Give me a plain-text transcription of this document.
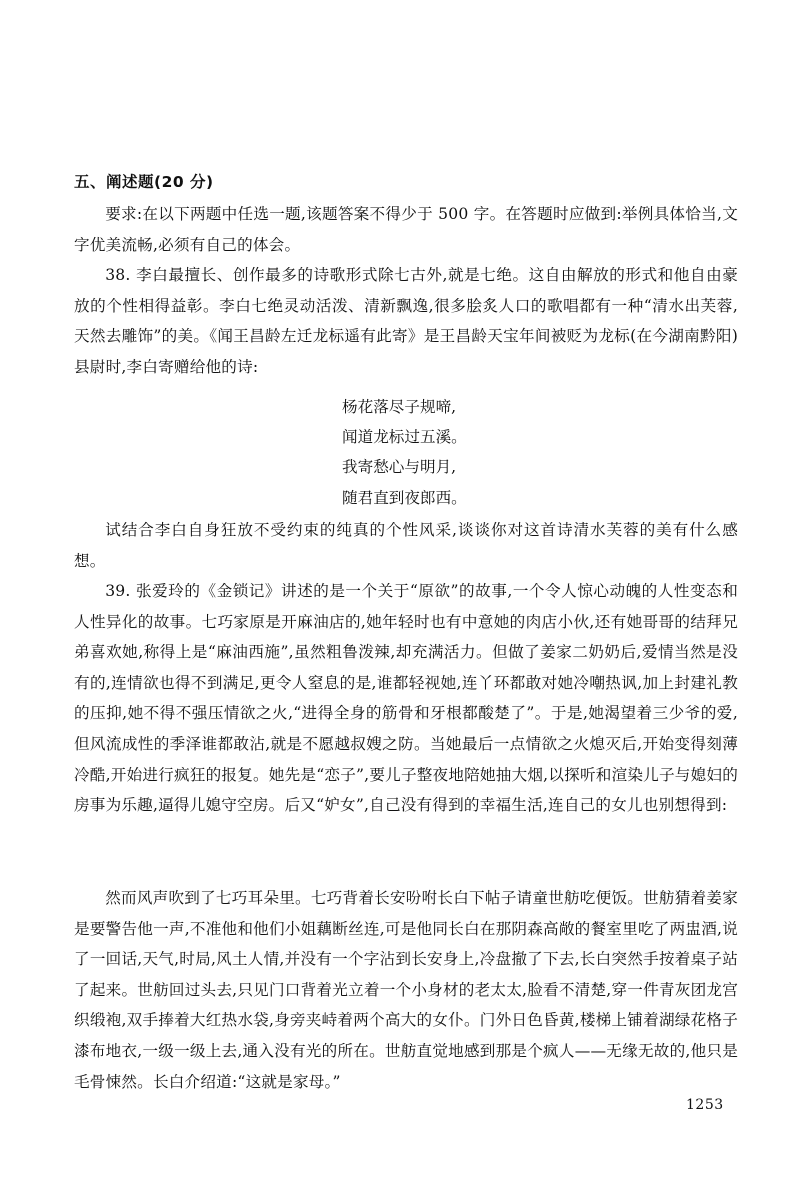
五、阐述题(20 分)

要求:在以下两题中任选一题,该题答案不得少于 500 字。在答题时应做到:举例具体恰当,文字优美流畅,必须有自己的体会。

38. 李白最擅长、创作最多的诗歌形式除七古外,就是七绝。这自由解放的形式和他自由豪放的个性相得益彰。李白七绝灵动活泼、清新飘逸,很多脍炙人口的歌唱都有一种“清水出芙蓉,天然去雕饰”的美。《闻王昌龄左迁龙标遥有此寄》是王昌龄天宝年间被贬为龙标(在今湖南黔阳)县尉时,李白寄赠给他的诗:

杨花落尽子规啼,

闻道龙标过五溪。

我寄愁心与明月,

随君直到夜郎西。

试结合李白自身狂放不受约束的纯真的个性风采,谈谈你对这首诗清水芙蓉的美有什么感想。

39. 张爱玲的《金锁记》讲述的是一个关于“原欲”的故事,一个令人惊心动魄的人性变态和人性异化的故事。七巧家原是开麻油店的,她年轻时也有中意她的肉店小伙,还有她哥哥的结拜兄弟喜欢她,称得上是“麻油西施”,虽然粗鲁泼辣,却充满活力。但做了姜家二奶奶后,爱情当然是没有的,连情欲也得不到满足,更令人窒息的是,谁都轻视她,连丫环都敢对她冷嘲热讽,加上封建礼教的压抑,她不得不强压情欲之火,“进得全身的筋骨和牙根都酸楚了”。于是,她渴望着三少爷的爱,但风流成性的季泽谁都敢沾,就是不愿越叔嫂之防。当她最后一点情欲之火熄灭后,开始变得刻薄冷酷,开始进行疯狂的报复。她先是“恋子”,要儿子整夜地陪她抽大烟,以探听和渲染儿子与媳妇的房事为乐趣,逼得儿媳守空房。后又“妒女”,自己没有得到的幸福生活,连自己的女儿也别想得到:

然而风声吹到了七巧耳朵里。七巧背着长安吩咐长白下帖子请童世舫吃便饭。世舫猜着姜家是要警告他一声,不准他和他们小姐藕断丝连,可是他同长白在那阴森高敞的餐室里吃了两盅酒,说了一回话,天气,时局,风土人情,并没有一个字沾到长安身上,冷盘撤了下去,长白突然手按着桌子站了起来。世舫回过头去,只见门口背着光立着一个小身材的老太太,脸看不清楚,穿一件青灰团龙宫织缎袍,双手捧着大红热水袋,身旁夹峙着两个高大的女仆。门外日色昏黄,楼梯上铺着湖绿花格子漆布地衣,一级一级上去,通入没有光的所在。世舫直觉地感到那是个疯人——无缘无故的,他只是毛骨悚然。长白介绍道:“这就是家母。”

1253
